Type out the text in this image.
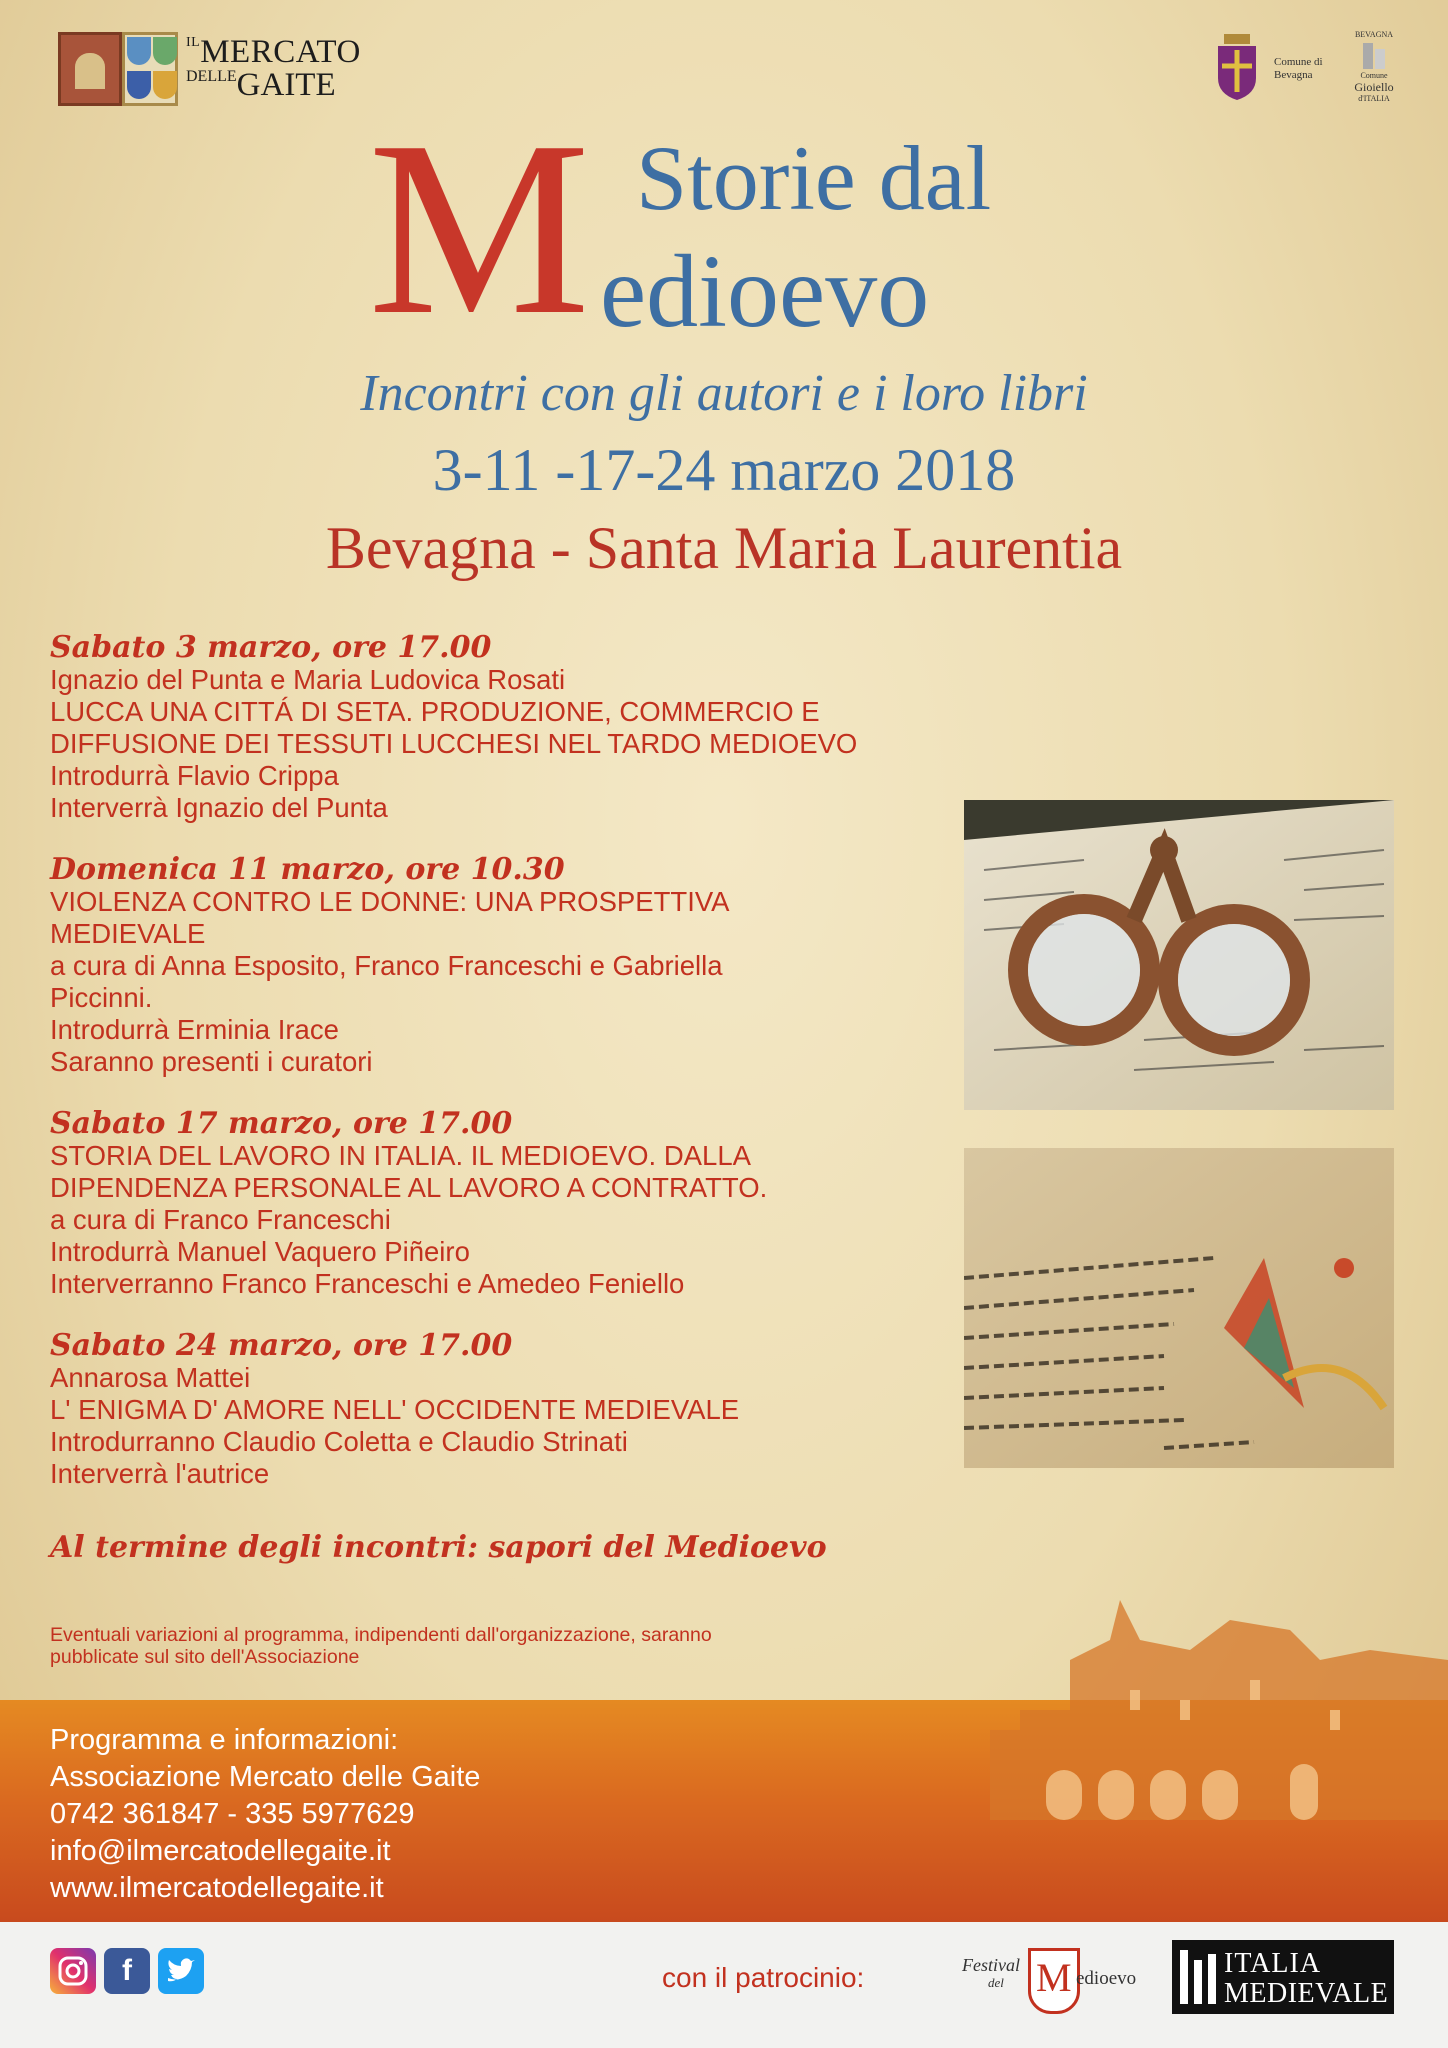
$^{IL}$MERCATO
$^{DELLE}$GAITE
Comune di
Bevagna
BEVAGNA
Comune
Gioiello
d'ITALIA
M Storie dal
edioevo
Incontri con gli autori e i loro libri
3-11 -17-24 marzo 2018
Bevagna - Santa Maria Laurentia
Sabato 3 marzo, ore 17.00
Ignazio del Punta e Maria Ludovica Rosati
LUCCA UNA CITTÁ DI SETA. PRODUZIONE, COMMERCIO E
DIFFUSIONE DEI TESSUTI LUCCHESI NEL TARDO MEDIOEVO
Introdurrà Flavio Crippa
Interverrà Ignazio del Punta
Domenica 11 marzo, ore 10.30
VIOLENZA CONTRO LE DONNE: UNA PROSPETTIVA
MEDIEVALE
a cura di Anna Esposito, Franco Franceschi e Gabriella
Piccinni.
Introdurrà Erminia Irace
Saranno presenti i curatori
Sabato 17 marzo, ore 17.00
STORIA DEL LAVORO IN ITALIA. IL MEDIOEVO. DALLA
DIPENDENZA PERSONALE AL LAVORO A CONTRATTO.
a cura di Franco Franceschi
Introdurrà Manuel Vaquero Piñeiro
Interverranno Franco Franceschi e Amedeo Feniello
Sabato 24 marzo, ore 17.00
Annarosa Mattei
L' ENIGMA D' AMORE NELL' OCCIDENTE MEDIEVALE
Introdurranno Claudio Coletta e Claudio Strinati
Interverrà l'autrice
Al termine degli incontri: sapori del Medioevo
Eventuali variazioni al programma, indipendenti dall'organizzazione, saranno
pubblicate sul sito dell'Associazione
Programma e informazioni:
Associazione Mercato delle Gaite
0742 361847 - 335 5977629
info@ilmercatodellegaite.it
www.ilmercatodellegaite.it
f	con il patrocinio:	Festival
del M edioevo	ITALIA
MEDIEVALE
